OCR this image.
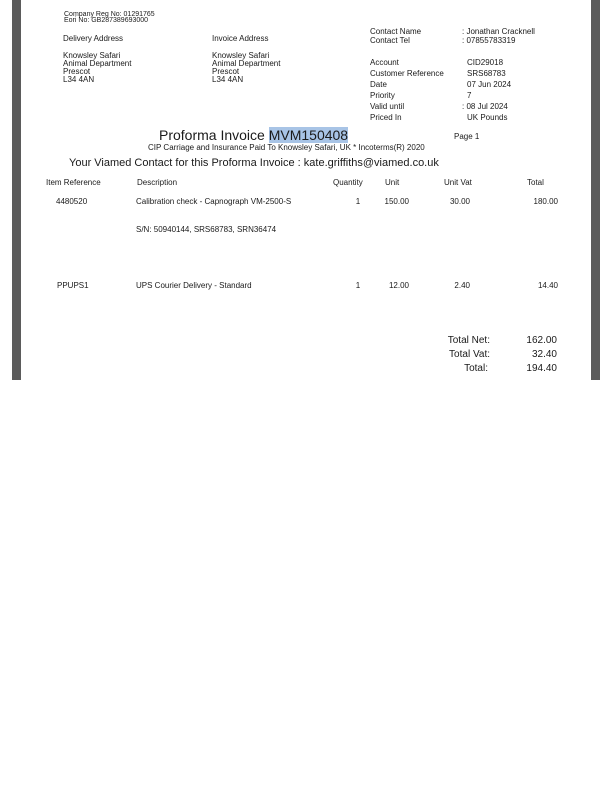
Company Reg No: 01291765
Eori No: GB287389693000
Delivery Address
Knowsley Safari
Animal Department
Prescot
L34 4AN
Invoice Address
Knowsley Safari
Animal Department
Prescot
L34 4AN
Contact Name	: Jonathan Cracknell
Contact Tel	: 07855783319
Account	CID29018
Customer Reference	SRS68783
Date	07 Jun 2024
Priority	7
Valid until	: 08 Jul 2024
Priced In	UK Pounds
Proforma Invoice MVM150408	Page 1
CIP Carriage and Insurance Paid To Knowsley Safari, UK * Incoterms(R) 2020
Your Viamed Contact for this Proforma Invoice : kate.griffiths@viamed.co.uk
Item Reference	Description	Quantity	Unit	Unit Vat	Total
4480520	Calibration check - Capnograph VM-2500-S	1	150.00	30.00	180.00
S/N: 50940144, SRS68783, SRN36474
PPUPS1	UPS Courier Delivery - Standard	1	12.00	2.40	14.40
Total Net:	162.00
Total Vat:	32.40
Total:	194.40
